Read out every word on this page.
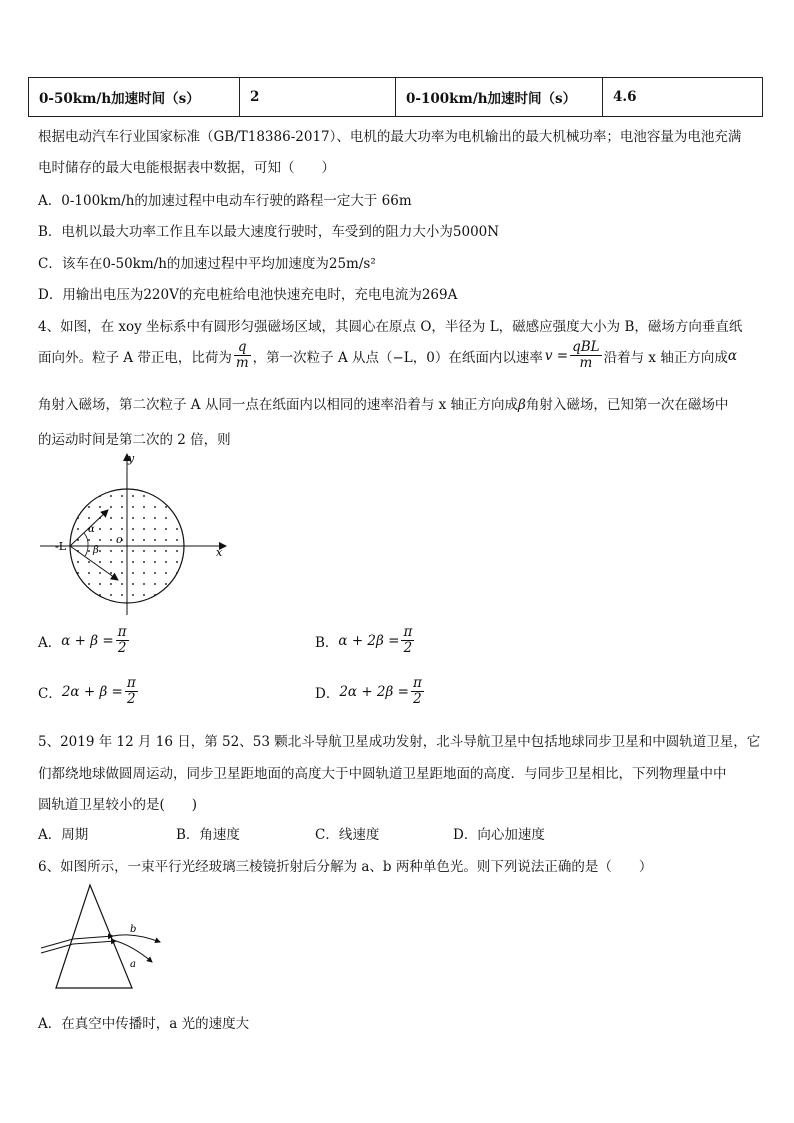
0-50km/h加速时间（s）	2	0-100km/h加速时间（s）	4.6
根据电动汽车行业国家标准（GB/T18386-2017）、电机的最大功率为电机输出的最大机械功率；电池容量为电池充满
电时储存的最大电能根据表中数据，可知（　　）
A．0-100km/h的加速过程中电动车行驶的路程一定大于 66m
B．电机以最大功率工作且车以最大速度行驶时，车受到的阻力大小为5000N
C．该车在0-50km/h的加速过程中平均加速度为25m/s²
D．用输出电压为220V的充电桩给电池快速充电时，充电电流为269A
4、如图，在 xoy 坐标系中有圆形匀强磁场区域，其圆心在原点 O，半径为 L，磁感应强度大小为 B，磁场方向垂直纸
面向外。粒子 A 带正电，比荷为 $\frac{q}{m}$ ，第一次粒子 A 从点（−L，0）在纸面内以速率 $v = \frac{\text{qBL}}{m}$ 沿着与 x 轴正方向成 α
角射入磁场，第二次粒子 A 从同一点在纸面内以相同的速率沿着与 x 轴正方向成β角射入磁场，已知第一次在磁场中
的运动时间是第二次的 2 倍，则
y
x
o
-L
α
β
A． $\alpha + \beta = \frac{\pi}{2}$	B． $\alpha + 2\beta = \frac{\pi}{2}$
C． $2\alpha + \beta = \frac{\pi}{2}$	D． $2\alpha + 2\beta = \frac{\pi}{2}$
5、2019 年 12 月 16 日，第 52、53 颗北斗导航卫星成功发射，北斗导航卫星中包括地球同步卫星和中圆轨道卫星，它
们都绕地球做圆周运动，同步卫星距地面的高度大于中圆轨道卫星距地面的高度．与同步卫星相比，下列物理量中中
圆轨道卫星较小的是(　　)
A．周期	B．角速度	C．线速度	D．向心加速度
6、如图所示，一束平行光经玻璃三棱镜折射后分解为 a、b 两种单色光。则下列说法正确的是（　　）
b
a
A．在真空中传播时，a 光的速度大
